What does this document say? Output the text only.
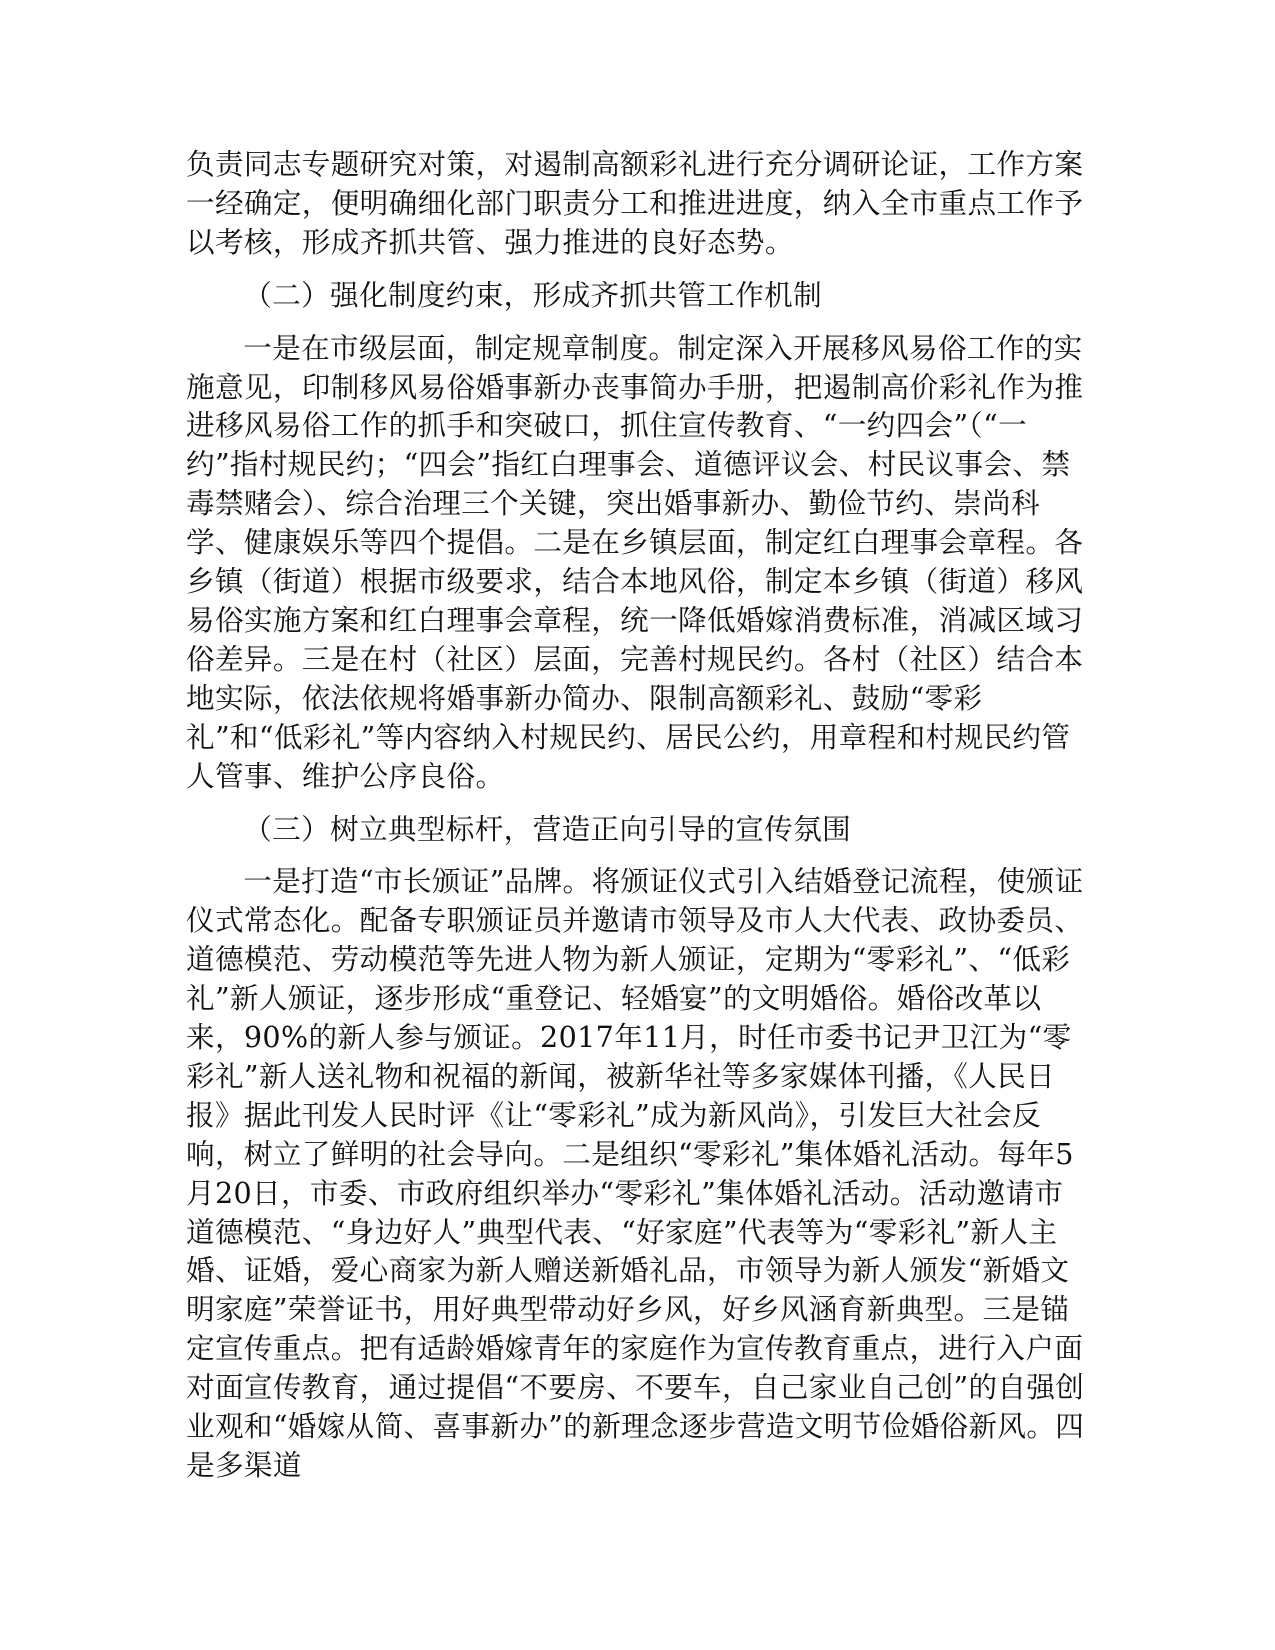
负责同志专题研究对策，对遏制高额彩礼进行充分调研论证，工作方案一经确定，便明确细化部门职责分工和推进进度，纳入全市重点工作予以考核，形成齐抓共管、强力推进的良好态势。

（二）强化制度约束，形成齐抓共管工作机制

一是在市级层面，制定规章制度。制定深入开展移风易俗工作的实施意见，印制移风易俗婚事新办丧事简办手册，把遏制高价彩礼作为推进移风易俗工作的抓手和突破口，抓住宣传教育、“一约四会”（“一约”指村规民约；“四会”指红白理事会、道德评议会、村民议事会、禁毒禁赌会）、综合治理三个关键，突出婚事新办、勤俭节约、崇尚科学、健康娱乐等四个提倡。二是在乡镇层面，制定红白理事会章程。各乡镇（街道）根据市级要求，结合本地风俗，制定本乡镇（街道）移风易俗实施方案和红白理事会章程，统一降低婚嫁消费标准，消减区域习俗差异。三是在村（社区）层面，完善村规民约。各村（社区）结合本地实际，依法依规将婚事新办简办、限制高额彩礼、鼓励“零彩礼”和“低彩礼”等内容纳入村规民约、居民公约，用章程和村规民约管人管事、维护公序良俗。

（三）树立典型标杆，营造正向引导的宣传氛围

一是打造“市长颁证”品牌。将颁证仪式引入结婚登记流程，使颁证仪式常态化。配备专职颁证员并邀请市领导及市人大代表、政协委员、道德模范、劳动模范等先进人物为新人颁证，定期为“零彩礼”、“低彩礼”新人颁证，逐步形成“重登记、轻婚宴”的文明婚俗。婚俗改革以来，90%的新人参与颁证。2017年11月，时任市委书记尹卫江为“零彩礼”新人送礼物和祝福的新闻，被新华社等多家媒体刊播，《人民日报》据此刊发人民时评《让“零彩礼”成为新风尚》，引发巨大社会反响，树立了鲜明的社会导向。二是组织“零彩礼”集体婚礼活动。每年5月20日，市委、市政府组织举办“零彩礼”集体婚礼活动。活动邀请市道德模范、“身边好人”典型代表、“好家庭”代表等为“零彩礼”新人主婚、证婚，爱心商家为新人赠送新婚礼品，市领导为新人颁发“新婚文明家庭”荣誉证书，用好典型带动好乡风，好乡风涵育新典型。三是锚定宣传重点。把有适龄婚嫁青年的家庭作为宣传教育重点，进行入户面对面宣传教育，通过提倡“不要房、不要车，自己家业自己创”的自强创业观和“婚嫁从简、喜事新办”的新理念逐步营造文明节俭婚俗新风。四是多渠道
